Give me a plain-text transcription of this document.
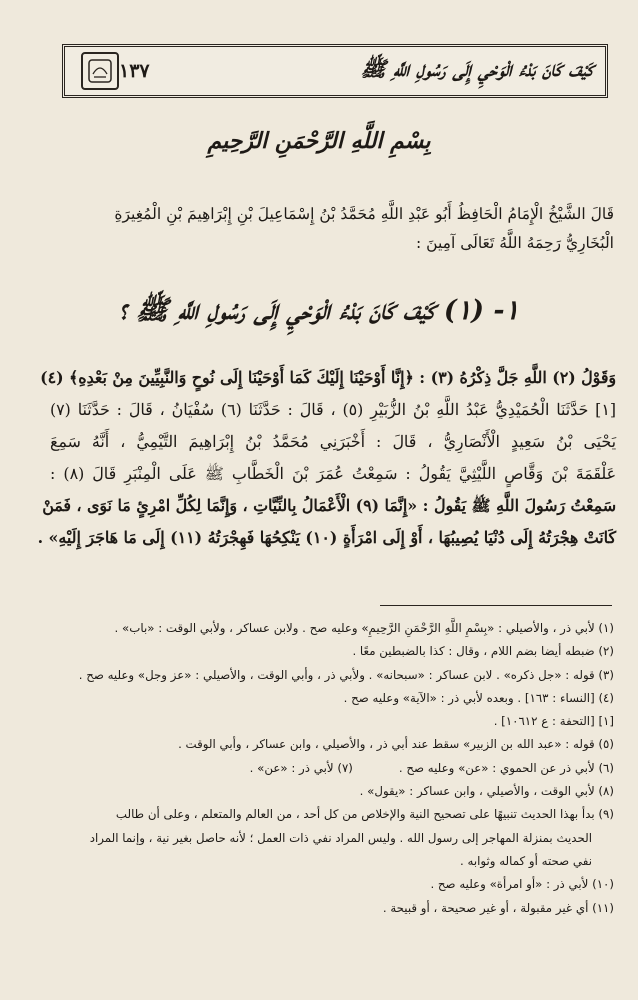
١٣٧	كَيْفَ كَانَ بَدْءُ الْوَحْيِ إِلَى رَسُولِ اللَّهِ ﷺ
بِسْمِ اللَّهِ الرَّحْمَنِ الرَّحِيمِ

قَالَ الشَّيْخُ الْإِمَامُ الْحَافِظُ أَبُو عَبْدِ اللَّهِ مُحَمَّدُ بْنُ إِسْمَاعِيلَ بْنِ إِبْرَاهِيمَ بْنِ الْمُغِيرَةِ

الْبُخَارِيُّ رَحِمَهُ اللَّهُ تَعَالَى آمِينَ :

١- (١) كَيْفَ كَانَ بَدْءُ الْوَحْيِ إِلَى رَسُولِ اللَّهِ ﷺ ؟
وَقَوْلُ (٢) اللَّهِ جَلَّ ذِكْرُهُ (٣) : ﴿إِنَّا أَوْحَيْنَا إِلَيْكَ كَمَا أَوْحَيْنَا إِلَى نُوحٍ وَالنَّبِيِّينَ مِنْ بَعْدِهِ﴾ (٤)
[١] حَدَّثَنَا الْحُمَيْدِيُّ عَبْدُ اللَّهِ بْنُ الزُّبَيْرِ (٥) ، قَالَ : حَدَّثَنَا (٦) سُفْيَانُ ، قَالَ : حَدَّثَنَا (٧)
يَحْيَى بْنُ سَعِيدٍ الْأَنْصَارِيُّ ، قَالَ : أَخْبَرَنِي مُحَمَّدُ بْنُ إِبْرَاهِيمَ التَّيْمِيُّ ، أَنَّهُ سَمِعَ
عَلْقَمَةَ بْنَ وَقَّاصٍ اللَّيْثِيَّ يَقُولُ : سَمِعْتُ عُمَرَ بْنَ الْخَطَّابِ ﷺ عَلَى الْمِنْبَرِ قَالَ (٨) :
سَمِعْتُ رَسُولَ اللَّهِ ﷺ يَقُولُ : «إِنَّمَا (٩) الْأَعْمَالُ بِالنِّيَّاتِ ، وَإِنَّمَا لِكُلِّ امْرِئٍ مَا نَوَى ، فَمَنْ
كَانَتْ هِجْرَتُهُ إِلَى دُنْيَا يُصِيبُهَا ، أَوْ إِلَى امْرَأَةٍ (١٠) يَنْكِحُهَا فَهِجْرَتُهُ (١١) إِلَى مَا هَاجَرَ إِلَيْهِ» .
(١) لأبي ذر ، والأصيلي : «بِسْمِ اللَّهِ الرَّحْمَنِ الرَّحِيمِ» وعليه صح . ولابن عساكر ، ولأبي الوقت : «باب» .
(٢) ضبطه أيضا بضم اللام ، وقال : كذا بالضبطين معًا .
(٣) قوله : «جل ذكره» . لابن عساكر : «سبحانه» . ولأبي ذر ، وأبي الوقت ، والأصيلي : «عز وجل» وعليه صح .
(٤) [النساء : ١٦٣] . وبعده لأبي ذر : «الآية» وعليه صح .
[١] [التحفة : ع ١٠٦١٢] .
(٥) قوله : «عبد الله بن الزبير» سقط عند أبي ذر ، والأصيلي ، وابن عساكر ، وأبي الوقت .
(٦) لأبي ذر عن الحموي : «عن» وعليه صح .
(٧) لأبي ذر : «عن» .
(٨) لأبي الوقت ، والأصيلي ، وابن عساكر : «يقول» .
(٩) بدأ بهذا الحديث تنبيهًا على تصحيح النية والإخلاص من كل أحد ، من العالم والمتعلم ، وعلى أن طالب
الحديث بمنزلة المهاجر إلى رسول الله . وليس المراد نفي ذات العمل ؛ لأنه حاصل بغير نية ، وإنما المراد
نفي صحته أو كماله وثوابه .
(١٠) لأبي ذر : «أو امرأة» وعليه صح .
(١١) أي غير مقبولة ، أو غير صحيحة ، أو قبيحة .
